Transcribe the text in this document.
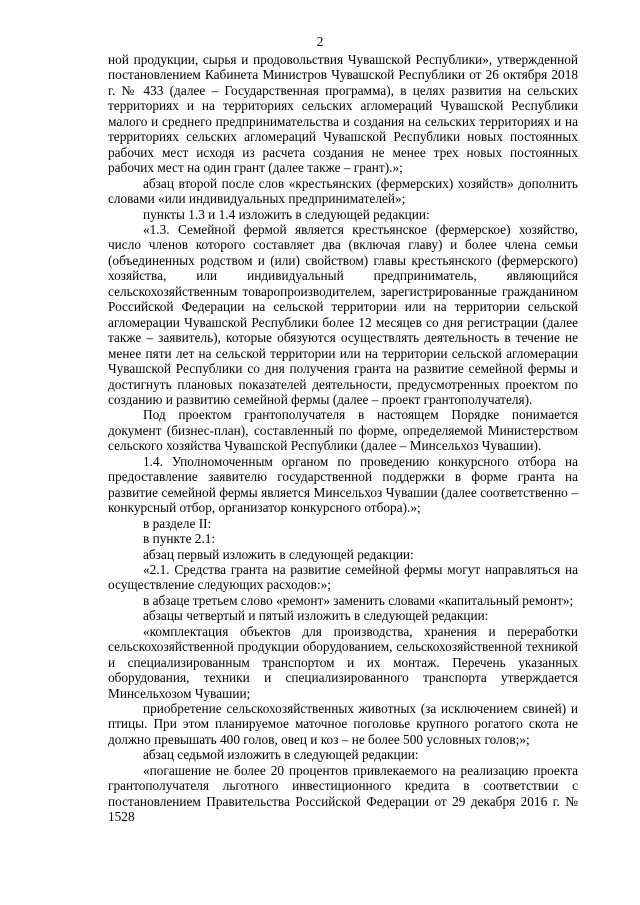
2

ной продукции, сырья и продовольствия Чувашской Республики», утвержденной постановлением Кабинета Министров Чувашской Республики от 26 октября 2018 г. № 433 (далее – Государственная программа), в целях развития на сельских территориях и на территориях сельских агломераций Чувашской Республики малого и среднего предпринимательства и создания на сельских территориях и на территориях сельских агломераций Чувашской Республики новых постоянных рабочих мест исходя из расчета создания не менее трех новых постоянных рабочих мест на один грант (далее также – грант).»;

абзац второй после слов «крестьянских (фермерских) хозяйств» дополнить словами «или индивидуальных предпринимателей»;

пункты 1.3 и 1.4 изложить в следующей редакции:

«1.3. Семейной фермой является крестьянское (фермерское) хозяйство, число членов которого составляет два (включая главу) и более члена семьи (объединенных родством и (или) свойством) главы крестьянского (фермерского) хозяйства, или индивидуальный предприниматель, являющийся сельскохозяйственным товаропроизводителем, зарегистрированные гражданином Российской Федерации на сельской территории или на территории сельской агломерации Чувашской Республики более 12 месяцев со дня регистрации (далее также – заявитель), которые обязуются осуществлять деятельность в течение не менее пяти лет на сельской территории или на территории сельской агломерации Чувашской Республики со дня получения гранта на развитие семейной фермы и достигнуть плановых показателей деятельности, предусмотренных проектом по созданию и развитию семейной фермы (далее – проект грантополучателя).

Под проектом грантополучателя в настоящем Порядке понимается документ (бизнес-план), составленный по форме, определяемой Министерством сельского хозяйства Чувашской Республики (далее – Минсельхоз Чувашии).

1.4. Уполномоченным органом по проведению конкурсного отбора на предоставление заявителю государственной поддержки в форме гранта на развитие семейной фермы является Минсельхоз Чувашии (далее соответственно – конкурсный отбор, организатор конкурсного отбора).»;

в разделе II:

в пункте 2.1:

абзац первый изложить в следующей редакции:

«2.1. Средства гранта на развитие семейной фермы могут направляться на осуществление следующих расходов:»;

в абзаце третьем слово «ремонт» заменить словами «капитальный ремонт»;

абзацы четвертый и пятый изложить в следующей редакции:

«комплектация объектов для производства, хранения и переработки сельскохозяйственной продукции оборудованием, сельскохозяйственной техникой и специализированным транспортом и их монтаж. Перечень указанных оборудования, техники и специализированного транспорта утверждается Минсельхозом Чувашии;

приобретение сельскохозяйственных животных (за исключением свиней) и птицы. При этом планируемое маточное поголовье крупного рогатого скота не должно превышать 400 голов, овец и коз – не более 500 условных голов;»;

абзац седьмой изложить в следующей редакции:

«погашение не более 20 процентов привлекаемого на реализацию проекта грантополучателя льготного инвестиционного кредита в соответствии с постановлением Правительства Российской Федерации от 29 декабря 2016 г. № 1528
